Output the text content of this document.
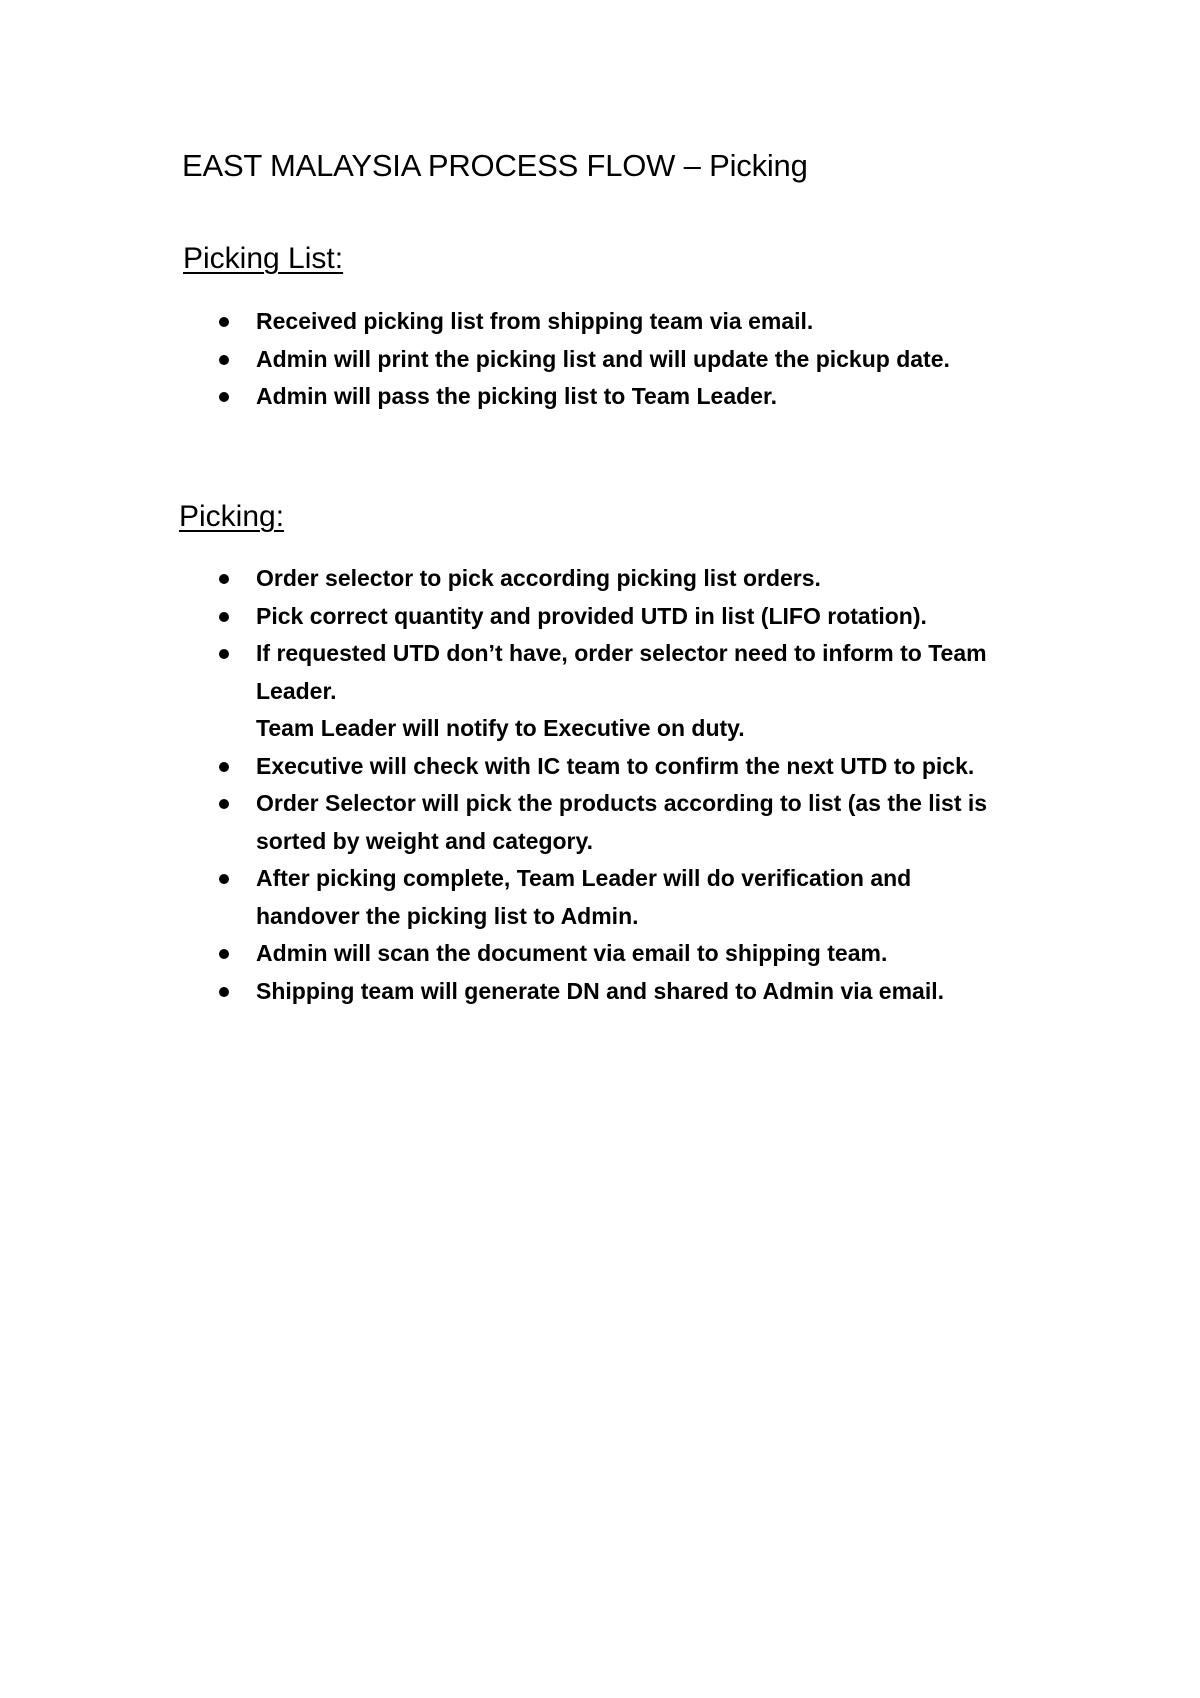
EAST MALAYSIA PROCESS FLOW – Picking
Picking List:
Received picking list from shipping team via email.
Admin will print the picking list and will update the pickup date.
Admin will pass the picking list to Team Leader.
Picking:
Order selector to pick according picking list orders.
Pick correct quantity and provided UTD in list (LIFO rotation).
If requested UTD don’t have, order selector need to inform to Team
Leader.
Team Leader will notify to Executive on duty.
Executive will check with IC team to confirm the next UTD to pick.
Order Selector will pick the products according to list (as the list is
sorted by weight and category.
After picking complete, Team Leader will do verification and
handover the picking list to Admin.
Admin will scan the document via email to shipping team.
Shipping team will generate DN and shared to Admin via email.
